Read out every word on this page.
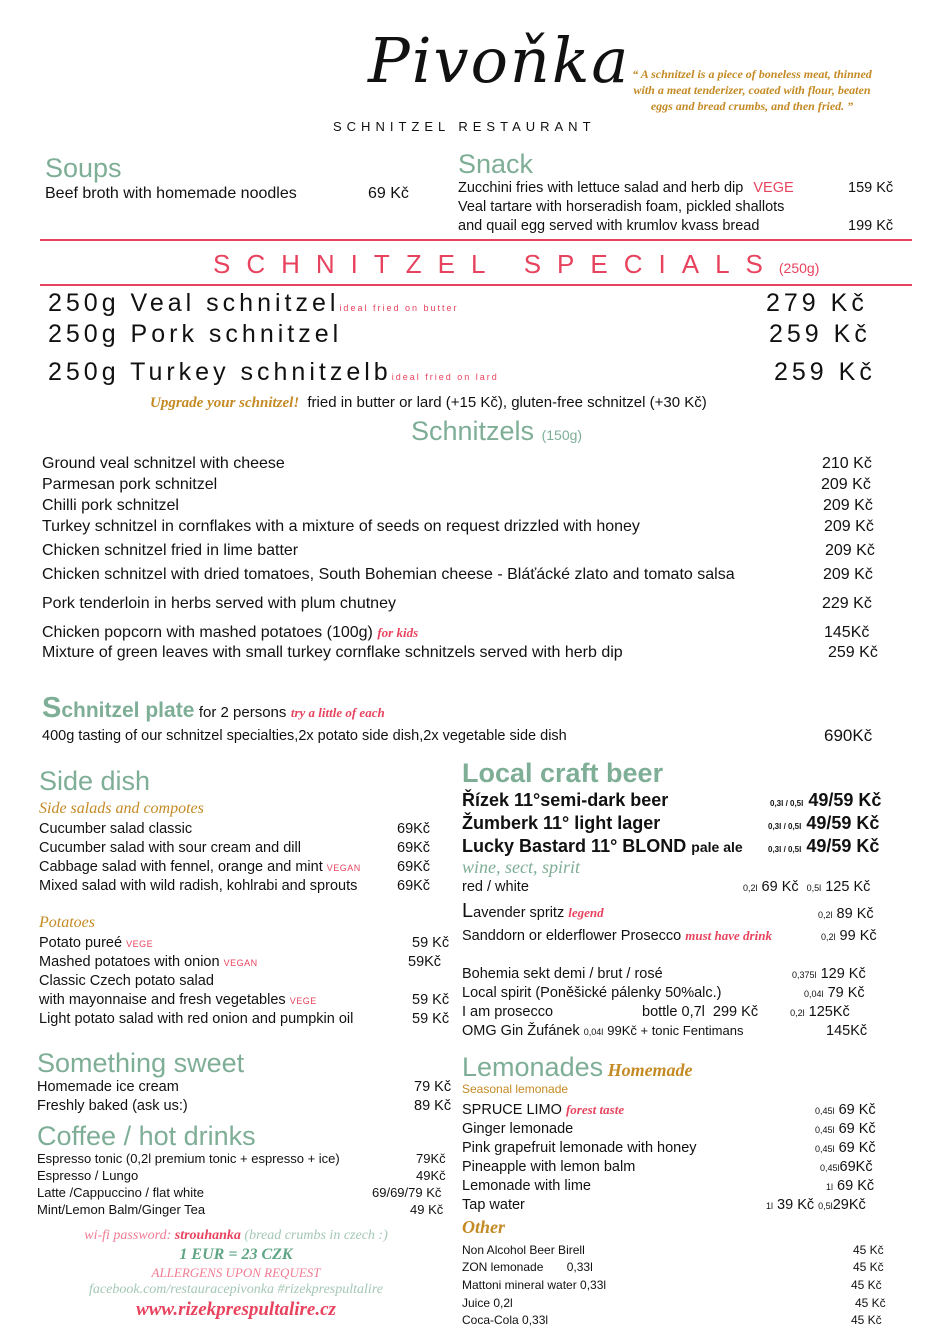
Pivoňka
SCHNITZEL RESTAURANT
“ A schnitzel is a piece of boneless meat, thinned
with a meat tenderizer, coated with flour, beaten
eggs and bread crumbs, and then fried. ”
Soups
Beef broth with homemade noodles	69 Kč
Snack
Zucchini fries with lettuce salad and herb dip VEGE	159 Kč
Veal tartare with horseradish foam, pickled shallots
and quail egg served with krumlov kvass bread	199 Kč
SCHNITZEL SPECIALS(250g)
250g Veal schnitzelideal fried on butter	279 Kč
250g Pork schnitzel	259 Kč
250g Turkey schnitzelbideal fried on lard	259 Kč
Upgrade your schnitzel! fried in butter or lard (+15 Kč), gluten-free schnitzel (+30 Kč)
Schnitzels (150g)
Ground veal schnitzel with cheese	210 Kč
Parmesan pork schnitzel	209 Kč
Chilli pork schnitzel	209 Kč
Turkey schnitzel in cornflakes with a mixture of seeds on request drizzled with honey	209 Kč
Chicken schnitzel fried in lime batter	209 Kč
Chicken schnitzel with dried tomatoes, South Bohemian cheese - Bláťácké zlato and tomato salsa	209 Kč
Pork tenderloin in herbs served with plum chutney	229 Kč
Chicken popcorn with mashed potatoes (100g) for kids	145Kč
Mixture of green leaves with small turkey cornflake schnitzels served with herb dip	259 Kč
Schnitzel plate for 2 persons try a little of each
400g tasting of our schnitzel specialties,2x potato side dish,2x vegetable side dish	690Kč
Side dish
Side salads and compotes
Cucumber salad classic	69Kč
Cucumber salad with sour cream and dill	69Kč
Cabbage salad with fennel, orange and mint VEGAN 69Kč
Mixed salad with wild radish, kohlrabi and sprouts	69Kč
Potatoes
Potato pureé VEGE	59 Kč
Mashed potatoes with onion VEGAN	59Kč
Classic Czech potato salad
with mayonnaise and fresh vegetables VEGE	59 Kč
Light potato salad with red onion and pumpkin oil	59 Kč
Something sweet
Homemade ice cream	79 Kč
Freshly baked (ask us:)	89 Kč
Coffee / hot drinks
Espresso tonic (0,2l premium tonic + espresso + ice)	79Kč
Espresso / Lungo	49Kč
Latte /Cappuccino / flat white	69/69/79 Kč
Mint/Lemon Balm/Ginger Tea	49 Kč
wi-fi password: strouhanka (bread crumbs in czech :)
1 EUR = 23 CZK
ALLERGENS UPON REQUEST
facebook.com/restauracepivonka #rizekprespultalire
www.rizekprespultalire.cz
Local craft beer
Řízek 11°semi-dark beer	0,3l / 0,5l 49/59 Kč
Žumberk 11° light lager	0,3l / 0,5l 49/59 Kč
Lucky Bastard 11° BLOND pale ale	0,3l / 0,5l 49/59 Kč
wine, sect, spirit
red / white	0,2l 69 Kč 0,5l 125 Kč
Lavender spritz legend	0,2l 89 Kč
Sanddorn or elderflower Prosecco must have drink	0,2l 99 Kč
Bohemia sekt demi / brut / rosé	0,375l 129 Kč
Local spirit (Poněšické pálenky 50%alc.)	0,04l 79 Kč
I am prosecco	bottle 0,7l 299 Kč	0,2l 125Kč
OMG Gin Žufánek 0,04l 99Kč + tonic Fentimans	145Kč
Lemonades Homemade
Seasonal lemonade
SPRUCE LIMO forest taste	0,45l 69 Kč
Ginger lemonade	0,45l 69 Kč
Pink grapefruit lemonade with honey	0,45l 69 Kč
Pineapple with lemon balm	0,45l69Kč
Lemonade with lime	1l 69 Kč
Tap water	1l 39 Kč 0,5l29Kč
Other
Non Alcohol Beer Birell	45 Kč
ZON lemonade       0,33l	45 Kč
Mattoni mineral water 0,33l	45 Kč
Juice 0,2l	45 Kč
Coca-Cola 0,33l	45 Kč
